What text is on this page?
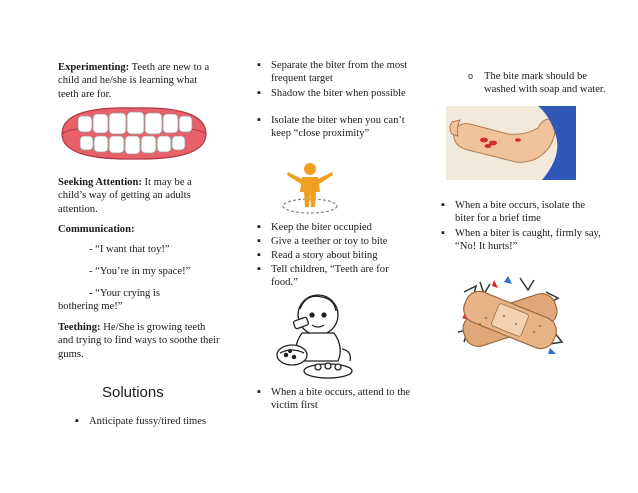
Experimenting: Teeth are new to a child and he/she is learning what teeth are for.

Seeking Attention: It may be a child’s way of getting an adults attention.

Communication:

- “I want that toy!”

- “You’re in my space!”

- “Your crying is

bothering me!”

Teething: He/She is growing teeth and trying to find ways to soothe their gums.

Solutions

▪ Anticipate fussy/tired times

▪ Separate the biter from the most frequent target

▪ Shadow the biter when possible

▪ Isolate the biter when you can’t keep “close proximity”

▪ Keep the biter occupied

▪ Give a teether or toy to bite

▪ Read a story about biting

▪ Tell children, “Teeth are for food.”

▪ When a bite occurs, attend to the victim first

o The bite mark should be washed with soap and water.

▪ When a bite occurs, isolate the biter for a brief time

▪ When a biter is caught, firmly say, “No! It hurts!”
